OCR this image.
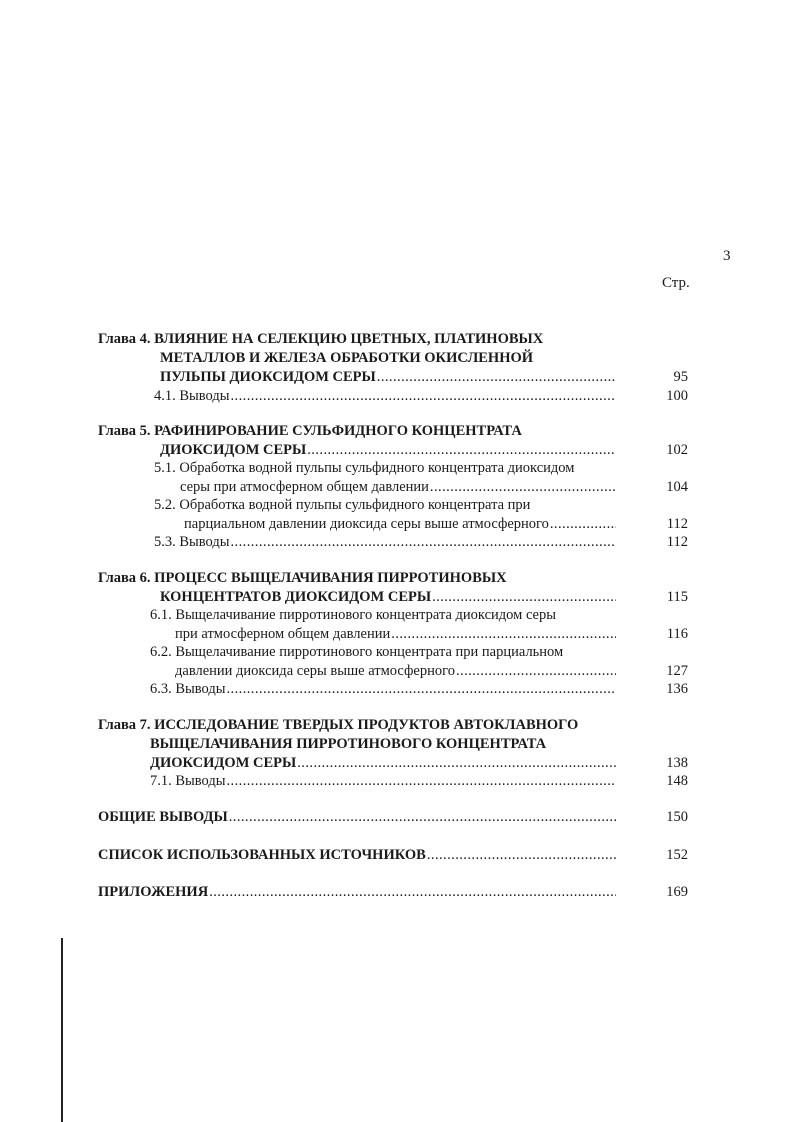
3
Стр.
Глава 4. ВЛИЯНИЕ НА СЕЛЕКЦИЮ ЦВЕТНЫХ, ПЛАТИНОВЫХ
МЕТАЛЛОВ И ЖЕЛЕЗА ОБРАБОТКИ ОКИСЛЕННОЙ
ПУЛЬПЫ ДИОКСИДОМ СЕРЫ . . .	95
4.1. Выводы . . .	100
Глава 5. РАФИНИРОВАНИЕ СУЛЬФИДНОГО КОНЦЕНТРАТА
ДИОКСИДОМ СЕРЫ . . .	102
5.1. Обработка водной пульпы сульфидного концентрата диоксидом
серы при атмосферном общем давлении . . .	104
5.2. Обработка водной пульпы сульфидного концентрата при
парциальном давлении диоксида серы выше атмосферного . . .	112
5.3. Выводы . . .	112
Глава 6. ПРОЦЕСС ВЫЩЕЛАЧИВАНИЯ ПИРРОТИНОВЫХ
КОНЦЕНТРАТОВ ДИОКСИДОМ СЕРЫ . . .	115
6.1. Выщелачивание пирротинового концентрата диоксидом серы
при атмосферном общем давлении . . .	116
6.2. Выщелачивание пирротинового концентрата при парциальном
давлении диоксида серы выше атмосферного . . .	127
6.3. Выводы . . .	136
Глава 7. ИССЛЕДОВАНИЕ ТВЕРДЫХ ПРОДУКТОВ АВТОКЛАВНОГО
ВЫЩЕЛАЧИВАНИЯ ПИРРОТИНОВОГО КОНЦЕНТРАТА
ДИОКСИДОМ СЕРЫ . . .	138
7.1. Выводы . . .	148
ОБЩИЕ ВЫВОДЫ . . .	150
СПИСОК ИСПОЛЬЗОВАННЫХ ИСТОЧНИКОВ . . .	152
ПРИЛОЖЕНИЯ . . .	169
